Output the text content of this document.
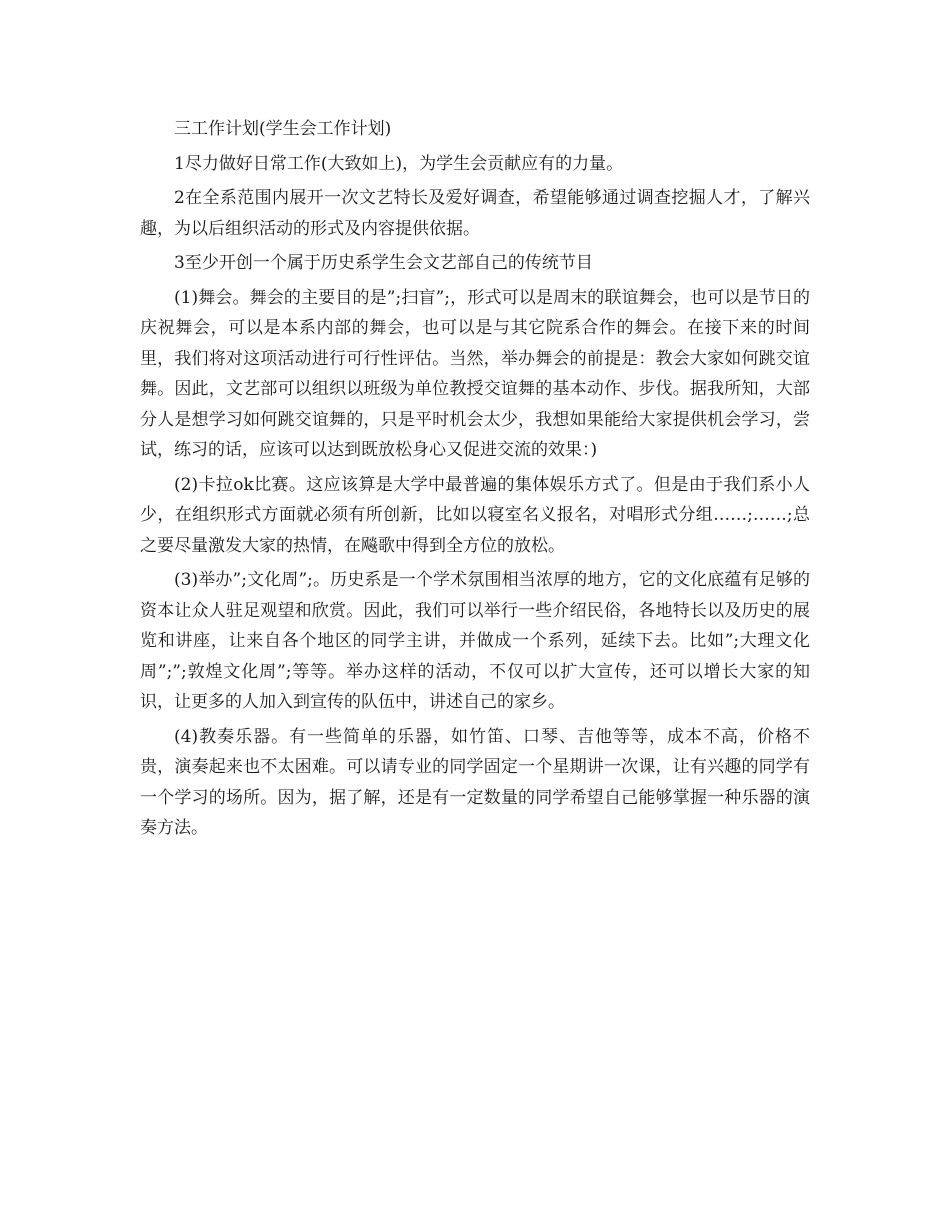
三工作计划(学生会工作计划)

1尽力做好日常工作(大致如上)，为学生会贡献应有的力量。

2在全系范围内展开一次文艺特长及爱好调查，希望能够通过调查挖掘人才，了解兴趣，为以后组织活动的形式及内容提供依据。

3至少开创一个属于历史系学生会文艺部自己的传统节目

(1)舞会。舞会的主要目的是”;扫盲”;，形式可以是周末的联谊舞会，也可以是节日的庆祝舞会，可以是本系内部的舞会，也可以是与其它院系合作的舞会。在接下来的时间里，我们将对这项活动进行可行性评估。当然，举办舞会的前提是：教会大家如何跳交谊舞。因此，文艺部可以组织以班级为单位教授交谊舞的基本动作、步伐。据我所知，大部分人是想学习如何跳交谊舞的，只是平时机会太少，我想如果能给大家提供机会学习，尝试，练习的话，应该可以达到既放松身心又促进交流的效果：)

(2)卡拉ok比赛。这应该算是大学中最普遍的集体娱乐方式了。但是由于我们系小人少，在组织形式方面就必须有所创新，比如以寝室名义报名，对唱形式分组……;……;总之要尽量激发大家的热情，在飚歌中得到全方位的放松。

(3)举办”;文化周”;。历史系是一个学术氛围相当浓厚的地方，它的文化底蕴有足够的资本让众人驻足观望和欣赏。因此，我们可以举行一些介绍民俗，各地特长以及历史的展览和讲座，让来自各个地区的同学主讲，并做成一个系列，延续下去。比如”;大理文化周”;”;敦煌文化周”;等等。举办这样的活动，不仅可以扩大宣传，还可以增长大家的知识，让更多的人加入到宣传的队伍中，讲述自己的家乡。

(4)教奏乐器。有一些简单的乐器，如竹笛、口琴、吉他等等，成本不高，价格不贵，演奏起来也不太困难。可以请专业的同学固定一个星期讲一次课，让有兴趣的同学有一个学习的场所。因为，据了解，还是有一定数量的同学希望自己能够掌握一种乐器的演奏方法。
